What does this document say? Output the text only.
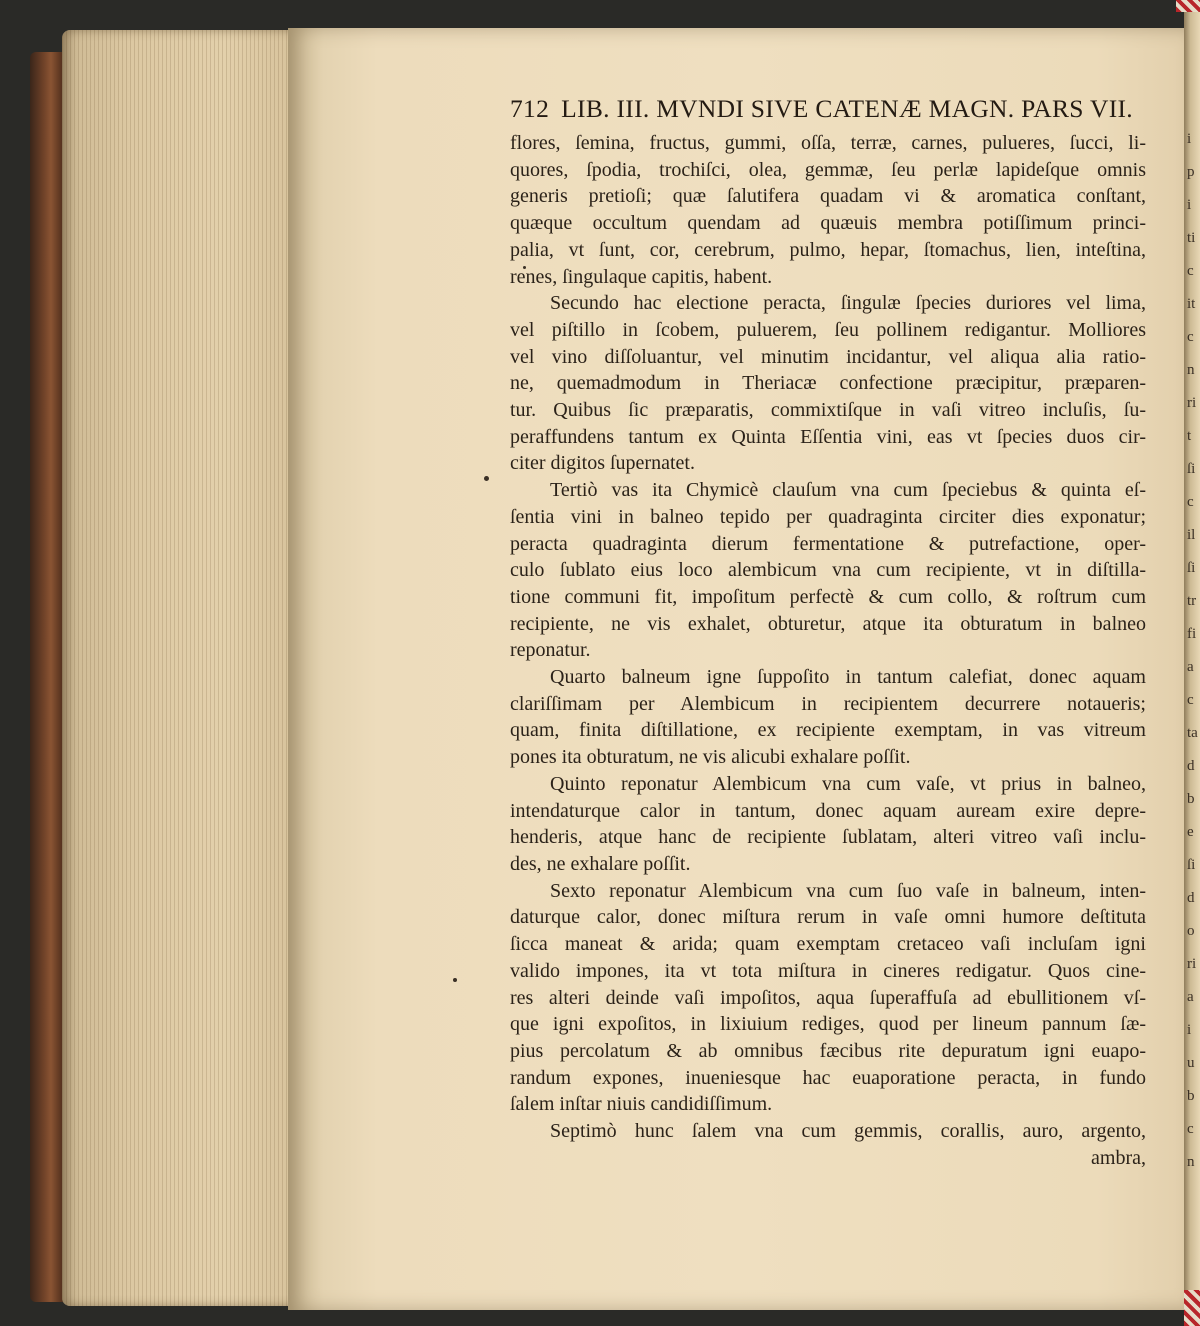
i
p
i
ti
c
it
c
n
ri
t
ſi
c
il
ſi
tr
fi
a
c
ta
d
b
e
ſi
d
o
ri
a
i
u
b
c
n
712 LIB. III. MVNDI SIVE CATENÆ MAGN. PARS VII.
flores, ſemina, fructus, gummi, oſſa, terræ, carnes, pulueres, ſucci, li-
quores, ſpodia, trochiſci, olea, gemmæ, ſeu perlæ lapideſque omnis
generis pretioſi; quæ ſalutifera quadam vi & aromatica conſtant,
quæque occultum quendam ad quæuis membra potiſſimum princi-
palia, vt ſunt, cor, cerebrum, pulmo, hepar, ſtomachus, lien, inteſtina,
renes, ſingulaque capitis, habent.
Secundo hac electione peracta, ſingulæ ſpecies duriores vel lima,
vel piſtillo in ſcobem, puluerem, ſeu pollinem redigantur. Molliores
vel vino diſſoluantur, vel minutim incidantur, vel aliqua alia ratio-
ne, quemadmodum in Theriacæ confectione præcipitur, præparen-
tur. Quibus ſic præparatis, commixtiſque in vaſi vitreo incluſis, ſu-
peraffundens tantum ex Quinta Eſſentia vini, eas vt ſpecies duos cir-
citer digitos ſupernatet.
Tertiò vas ita Chymicè clauſum vna cum ſpeciebus & quinta eſ-
ſentia vini in balneo tepido per quadraginta circiter dies exponatur;
peracta quadraginta dierum fermentatione & putrefactione, oper-
culo ſublato eius loco alembicum vna cum recipiente, vt in diſtilla-
tione communi fit, impoſitum perfectè & cum collo, & roſtrum cum
recipiente, ne vis exhalet, obturetur, atque ita obturatum in balneo
reponatur.
Quarto balneum igne ſuppoſito in tantum calefiat, donec aquam
clariſſimam per Alembicum in recipientem decurrere notaueris;
quam, finita diſtillatione, ex recipiente exemptam, in vas vitreum
pones ita obturatum, ne vis alicubi exhalare poſſit.
Quinto reponatur Alembicum vna cum vaſe, vt prius in balneo,
intendaturque calor in tantum, donec aquam auream exire depre-
henderis, atque hanc de recipiente ſublatam, alteri vitreo vaſi inclu-
des, ne exhalare poſſit.
Sexto reponatur Alembicum vna cum ſuo vaſe in balneum, inten-
daturque calor, donec miſtura rerum in vaſe omni humore deſtituta
ſicca maneat & arida; quam exemptam cretaceo vaſi incluſam igni
valido impones, ita vt tota miſtura in cineres redigatur. Quos cine-
res alteri deinde vaſi impoſitos, aqua ſuperaffuſa ad ebullitionem vſ-
que igni expoſitos, in lixiuium rediges, quod per lineum pannum ſæ-
pius percolatum & ab omnibus fæcibus rite depuratum igni euapo-
randum expones, inueniesque hac euaporatione peracta, in fundo
ſalem inſtar niuis candidiſſimum.
Septimò hunc ſalem vna cum gemmis, corallis, auro, argento,
ambra,
